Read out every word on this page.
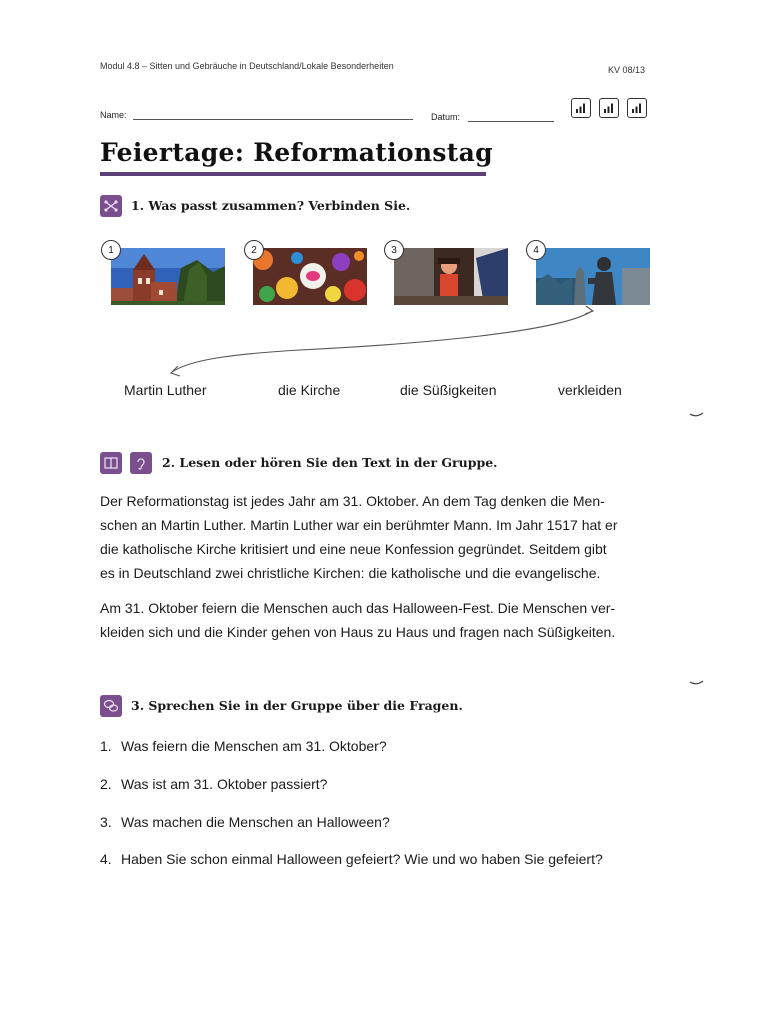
Modul 4.8 – Sitten und Gebräuche in Deutschland/Lokale Besonderheiten	KV 08/13
Name:	Datum:
Feiertage: Reformationstag
1. Was passt zusammen? Verbinden Sie.
1	2	3	4
Martin Luther	die Kirche	die Süßigkeiten	verkleiden
2. Lesen oder hören Sie den Text in der Gruppe.
Der Reformationstag ist jedes Jahr am 31. Oktober. An dem Tag denken die Men-
schen an Martin Luther. Martin Luther war ein berühmter Mann. Im Jahr 1517 hat er
die katholische Kirche kritisiert und eine neue Konfession gegründet. Seitdem gibt
es in Deutschland zwei christliche Kirchen: die katholische und die evangelische.
Am 31. Oktober feiern die Menschen auch das Halloween-Fest. Die Menschen ver-
kleiden sich und die Kinder gehen von Haus zu Haus und fragen nach Süßigkeiten.
3. Sprechen Sie in der Gruppe über die Fragen.
1. Was feiern die Menschen am 31. Oktober?
2. Was ist am 31. Oktober passiert?
3. Was machen die Menschen an Halloween?
4. Haben Sie schon einmal Halloween gefeiert? Wie und wo haben Sie gefeiert?
